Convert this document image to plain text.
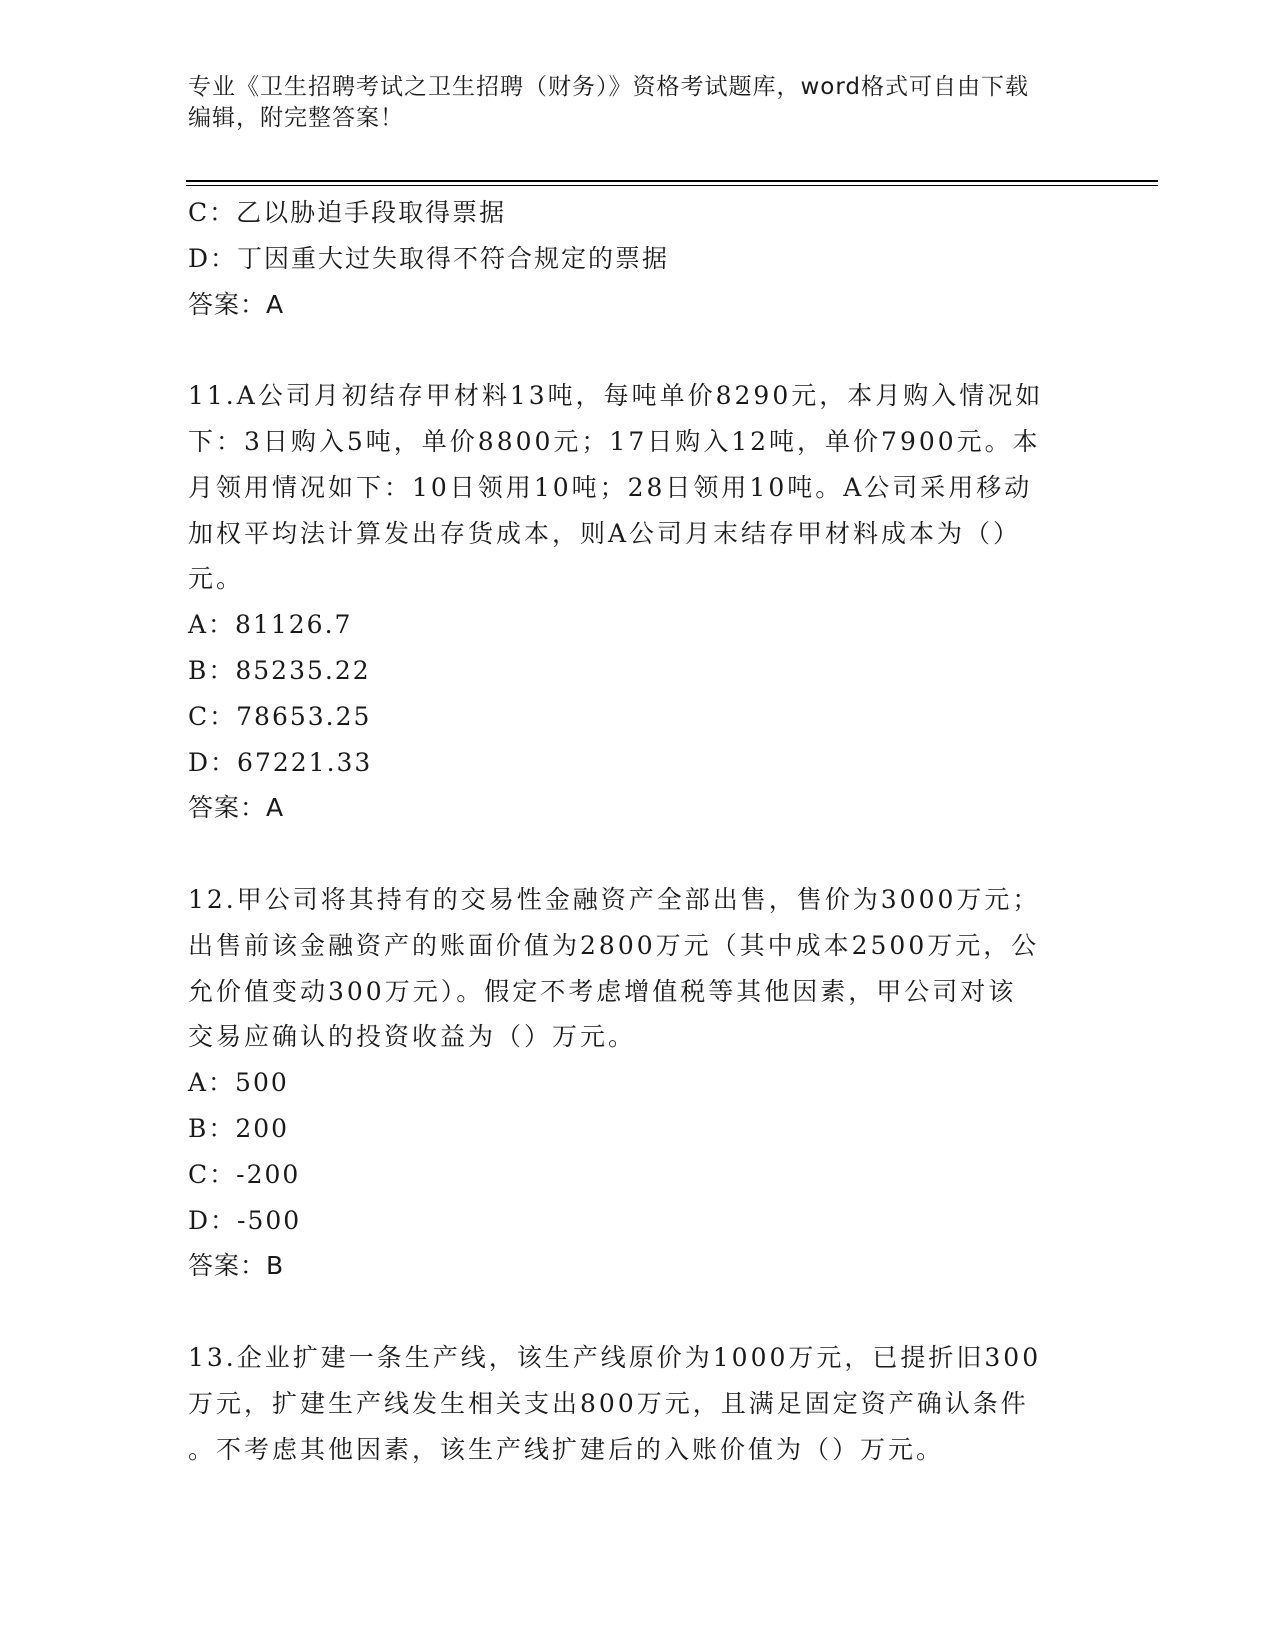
专业《卫生招聘考试之卫生招聘（财务）》资格考试题库，word格式可自由下载
编辑，附完整答案！
C：乙以胁迫手段取得票据
D：丁因重大过失取得不符合规定的票据
答案：A
11.A公司月初结存甲材料13吨，每吨单价8290元，本月购入情况如
下：3日购入5吨，单价8800元；17日购入12吨，单价7900元。本
月领用情况如下：10日领用10吨；28日领用10吨。A公司采用移动
加权平均法计算发出存货成本，则A公司月末结存甲材料成本为（）
元。
A：81126.7
B：85235.22
C：78653.25
D：67221.33
答案：A
12.甲公司将其持有的交易性金融资产全部出售，售价为3000万元；
出售前该金融资产的账面价值为2800万元（其中成本2500万元，公
允价值变动300万元）。假定不考虑增值税等其他因素，甲公司对该
交易应确认的投资收益为（）万元。
A：500
B：200
C：-200
D：-500
答案：B
13.企业扩建一条生产线，该生产线原价为1000万元，已提折旧300
万元，扩建生产线发生相关支出800万元，且满足固定资产确认条件
。不考虑其他因素，该生产线扩建后的入账价值为（）万元。
